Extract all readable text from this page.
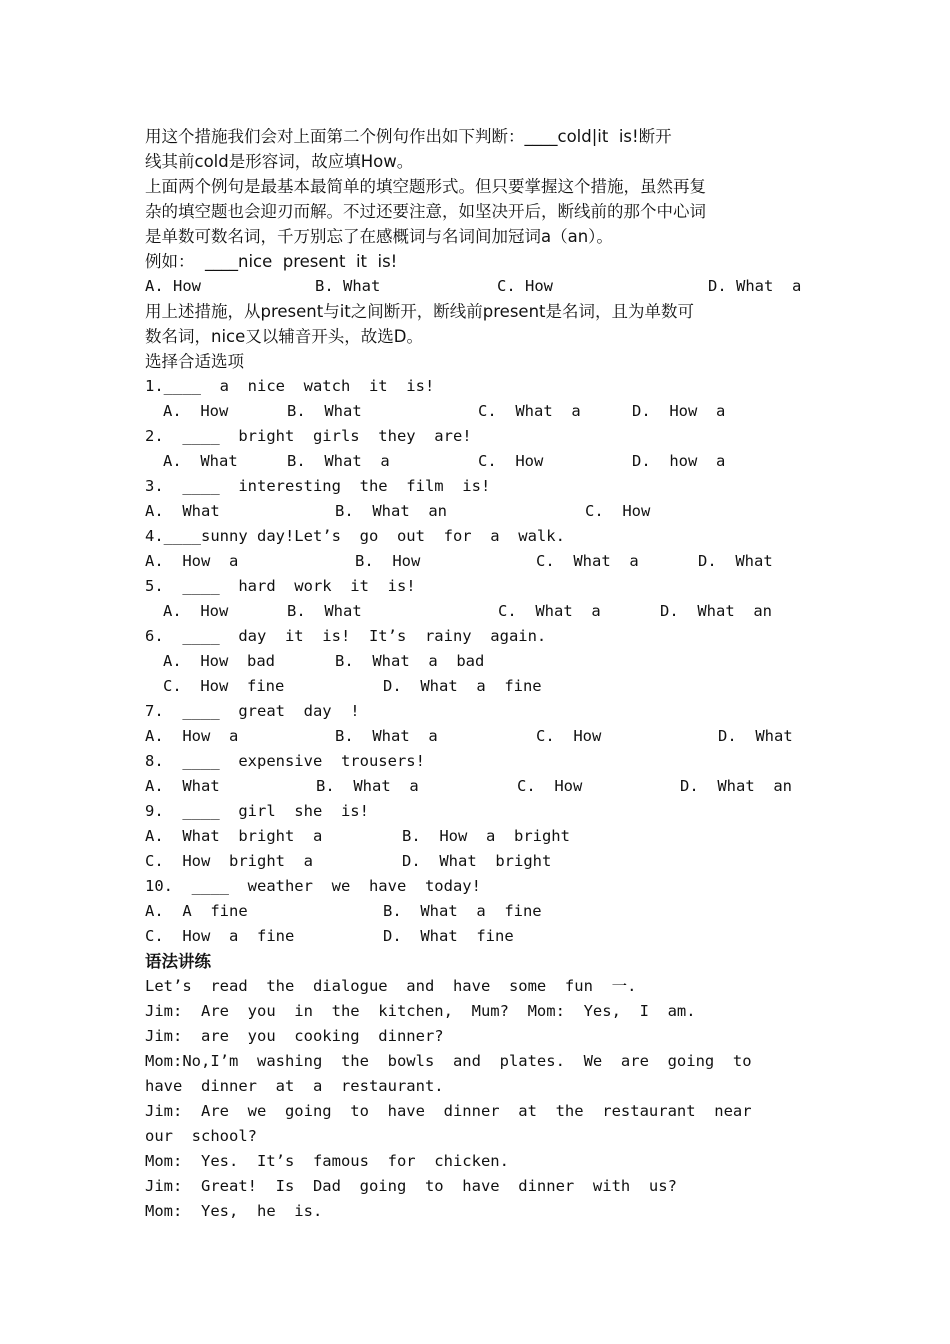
用这个措施我们会对上面第二个例句作出如下判断：____cold|it  is!断开
线其前cold是形容词，故应填How。
上面两个例句是最基本最简单的填空题形式。但只要掌握这个措施，虽然再复
杂的填空题也会迎刃而解。不过还要注意，如坚决开后，断线前的那个中心词
是单数可数名词，千万别忘了在感概词与名词间加冠词a（an）。
例如：  ____nice  present  it  is!
A. How	B. What	C. How	D. What  a
用上述措施，从present与it之间断开，断线前present是名词，且为单数可
数名词，nice又以辅音开头，故选D。
选择合适选项
1.____  a  nice  watch  it  is!
A.  How	B.  What	C.  What  a	D.  How  a
2.  ____  bright  girls  they  are!
A.  What	B.  What  a	C.  How	D.  how  a
3.  ____  interesting  the  film  is!
A.  What	B.  What  an	C.  How
4.____sunny day!Let’s  go  out  for  a  walk.
A.  How  a	B.  How	C.  What  a	D.  What
5.  ____  hard  work  it  is!
A.  How	B.  What	C.  What  a	D.  What  an
6.  ____  day  it  is!  It’s  rainy  again.
A.  How  bad	B.  What  a  bad
C.  How  fine	D.  What  a  fine
7.  ____  great  day  !
A.  How  a	B.  What  a	C.  How	D.  What
8.  ____  expensive  trousers!
A.  What	B.  What  a	C.  How	D.  What  an
9.  ____  girl  she  is!
A.  What  bright  a	B.  How  a  bright
C.  How  bright  a	D.  What  bright
10.  ____  weather  we  have  today!
A.  A  fine	B.  What  a  fine
C.  How  a  fine	D.  What  fine
语法讲练
Let’s  read  the  dialogue  and  have  some  fun  一.
Jim:  Are  you  in  the  kitchen,  Mum?  Mom:  Yes,  I  am.
Jim:  are  you  cooking  dinner?
Mom:No,I’m  washing  the  bowls  and  plates.  We  are  going  to
have  dinner  at  a  restaurant.
Jim:  Are  we  going  to  have  dinner  at  the  restaurant  near
our  school?
Mom:  Yes.  It’s  famous  for  chicken.
Jim:  Great!  Is  Dad  going  to  have  dinner  with  us?
Mom:  Yes,  he  is.
